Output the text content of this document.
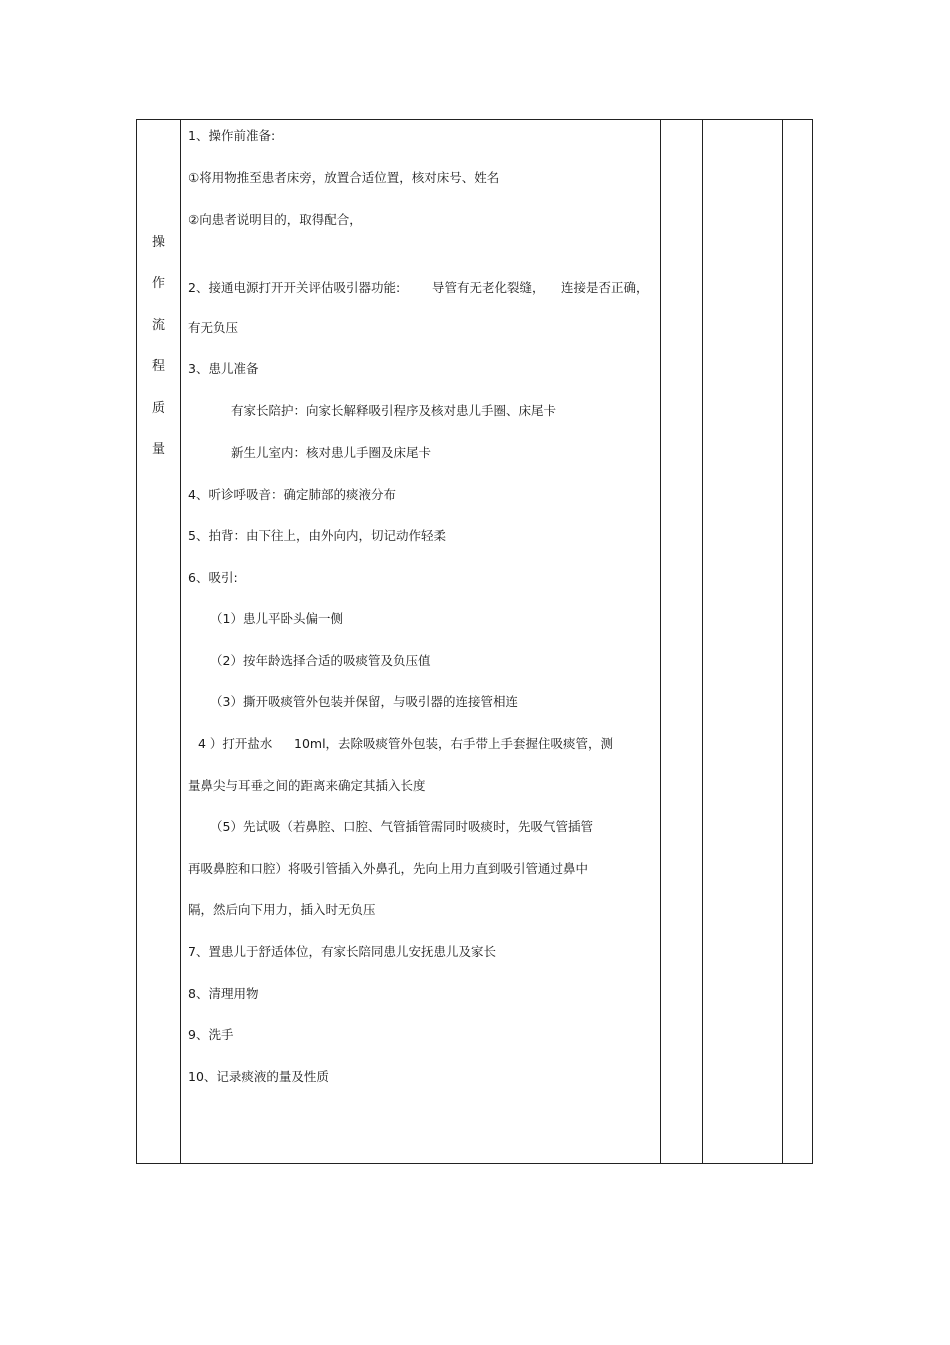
操
作
流
程
质
量
1、操作前准备:
①将用物推至患者床旁，放置合适位置，核对床号、姓名
②向患者说明目的，取得配合，
2、接通电源打开开关评估吸引器功能:	导管有无老化裂缝， 连接是否正确，
有无负压
3、患儿准备
有家长陪护：向家长解释吸引程序及核对患儿手圈、床尾卡
新生儿室内：核对患儿手圈及床尾卡
4、听诊呼吸音：确定肺部的痰液分布
5、拍背：由下往上，由外向内，切记动作轻柔
6、吸引:
（1）患儿平卧头偏一侧
（2）按年龄选择合适的吸痰管及负压值
（3）撕开吸痰管外包装并保留，与吸引器的连接管相连
4 ）打开盐水 10ml，去除吸痰管外包装，右手带上手套握住吸痰管，测
量鼻尖与耳垂之间的距离来确定其插入长度
（5）先试吸（若鼻腔、口腔、气管插管需同时吸痰时，先吸气管插管
再吸鼻腔和口腔）将吸引管插入外鼻孔，先向上用力直到吸引管通过鼻中
隔，然后向下用力，插入时无负压
7、置患儿于舒适体位，有家长陪同患儿安抚患儿及家长
8、清理用物
9、洗手
10、记录痰液的量及性质
